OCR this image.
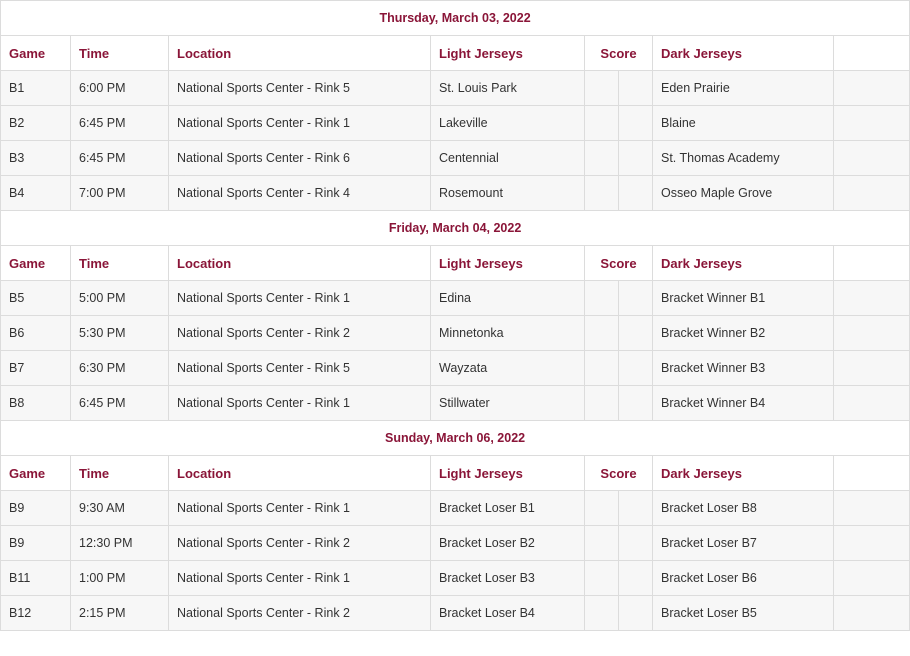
Thursday, March 03, 2022							
Game	Time	Location	Light Jerseys	Score		Dark Jerseys	
B1	6:00 PM	National Sports Center - Rink 5	St. Louis Park			Eden Prairie	
B2	6:45 PM	National Sports Center - Rink 1	Lakeville			Blaine	
B3	6:45 PM	National Sports Center - Rink 6	Centennial			St. Thomas Academy	
B4	7:00 PM	National Sports Center - Rink 4	Rosemount			Osseo Maple Grove	
Friday, March 04, 2022							
Game	Time	Location	Light Jerseys	Score		Dark Jerseys	
B5	5:00 PM	National Sports Center - Rink 1	Edina			Bracket Winner B1	
B6	5:30 PM	National Sports Center - Rink 2	Minnetonka			Bracket Winner B2	
B7	6:30 PM	National Sports Center - Rink 5	Wayzata			Bracket Winner B3	
B8	6:45 PM	National Sports Center - Rink 1	Stillwater			Bracket Winner B4	
Sunday, March 06, 2022							
Game	Time	Location	Light Jerseys	Score		Dark Jerseys	
B9	9:30 AM	National Sports Center - Rink 1	Bracket Loser B1			Bracket Loser B8	
B9	12:30 PM	National Sports Center - Rink 2	Bracket Loser B2			Bracket Loser B7	
B11	1:00 PM	National Sports Center - Rink 1	Bracket Loser B3			Bracket Loser B6	
B12	2:15 PM	National Sports Center - Rink 2	Bracket Loser B4			Bracket Loser B5	
